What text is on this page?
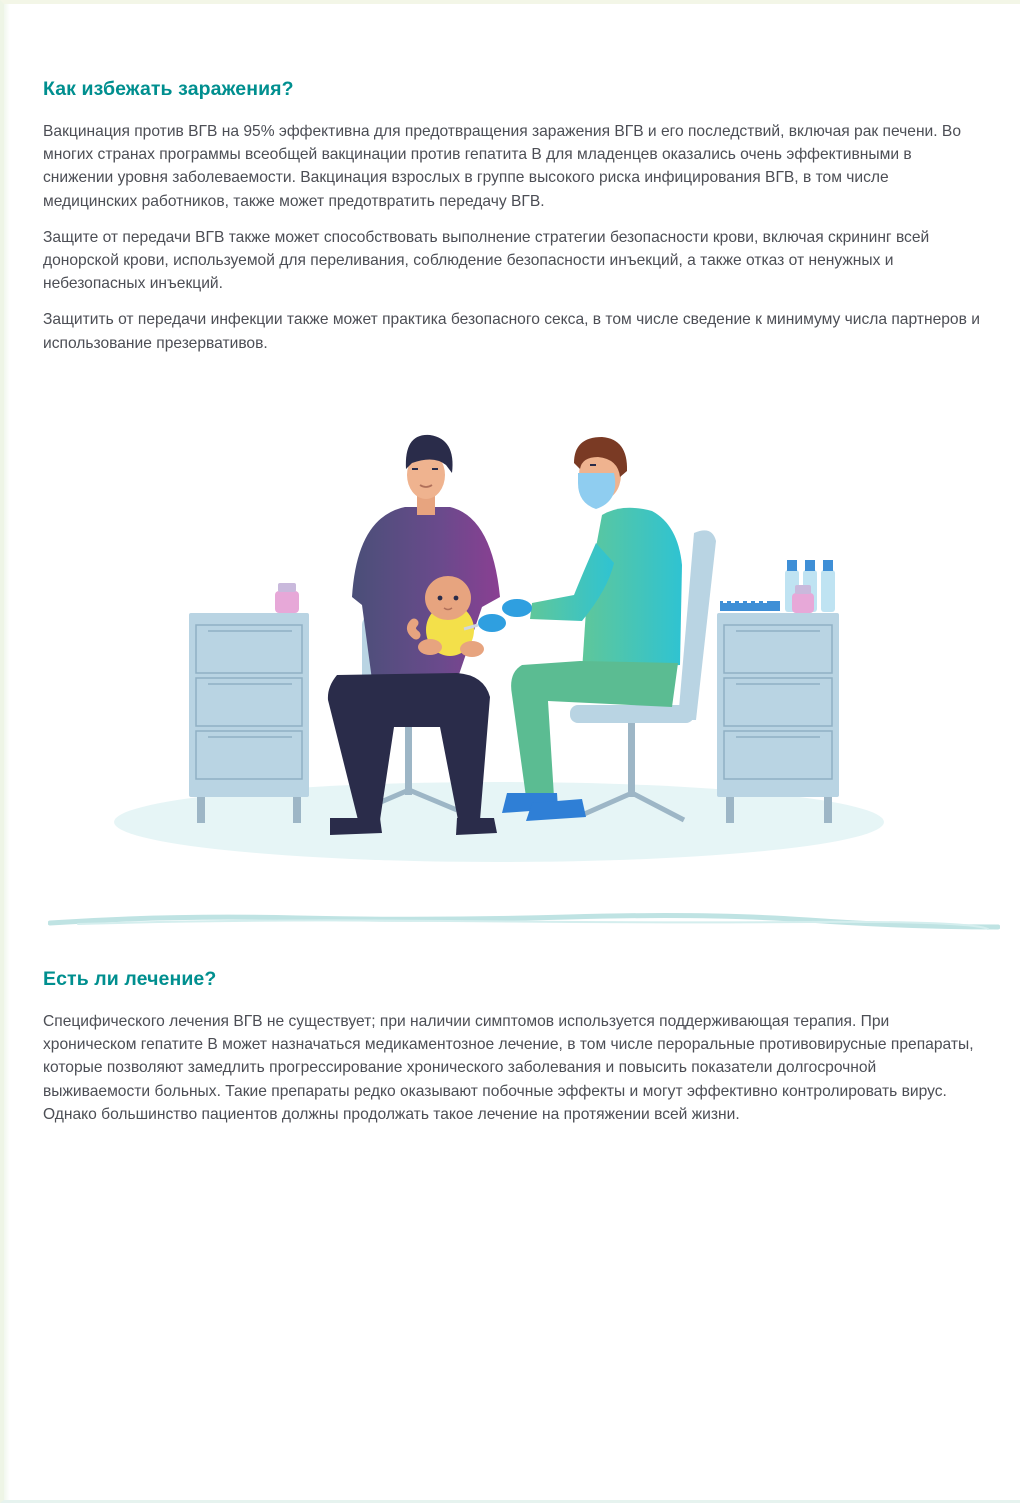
Как избежать заражения?

Вакцинация против ВГВ на 95% эффективна для предотвращения заражения ВГВ и его последствий, включая рак печени. Во многих странах программы всеобщей вакцинации против гепатита В для младенцев оказались очень эффективными в снижении уровня заболеваемости. Вакцинация взрослых в группе высокого риска инфицирования ВГВ, в том числе медицинских работников, также может предотвратить передачу ВГВ.

Защите от передачи ВГВ также может способствовать выполнение стратегии безопасности крови, включая скрининг всей донорской крови, используемой для переливания, соблюдение безопасности инъекций, а также отказ от ненужных и небезопасных инъекций.

Защитить от передачи инфекции также может практика безопасного секса, в том числе сведение к минимуму числа партнеров и использование презервативов.

Есть ли лечение?

Специфического лечения ВГВ не существует; при наличии симптомов используется поддерживающая терапия. При хроническом гепатите В может назначаться медикаментозное лечение, в том числе пероральные противовирусные препараты, которые позволяют замедлить прогрессирование хронического заболевания и повысить показатели долгосрочной выживаемости больных. Такие препараты редко оказывают побочные эффекты и могут эффективно контролировать вирус. Однако большинство пациентов должны продолжать такое лечение на протяжении всей жизни.
